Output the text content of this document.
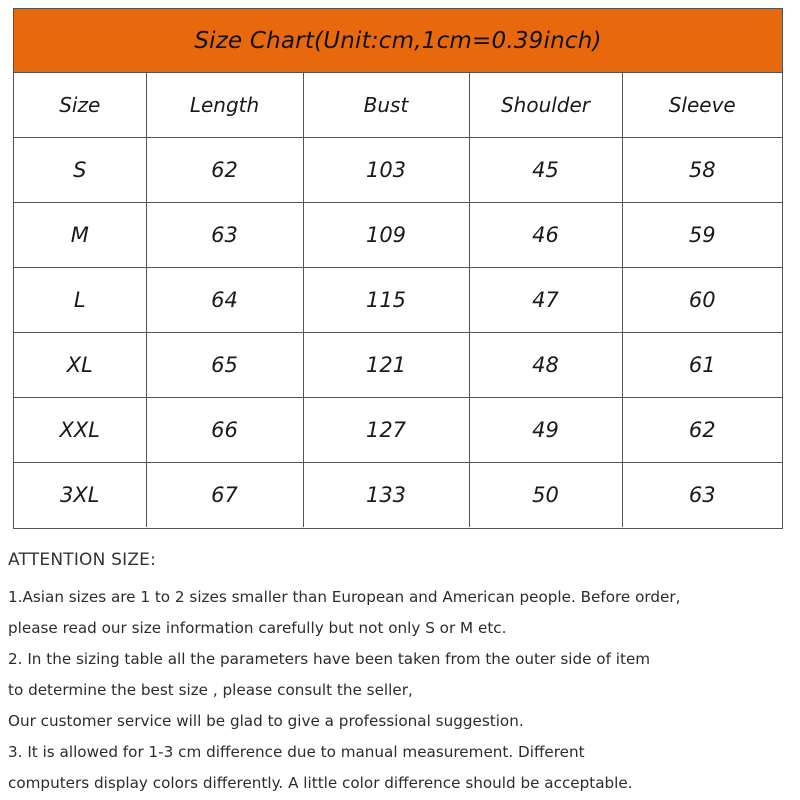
Size Chart(Unit:cm,1cm=0.39inch)
Size	Length	Bust	Shoulder	Sleeve
S	62	103	45	58
M	63	109	46	59
L	64	115	47	60
XL	65	121	48	61
XXL	66	127	49	62
3XL	67	133	50	63
ATTENTION SIZE:
1.Asian sizes are 1 to 2 sizes smaller than European and American people. Before order,
please read our size information carefully but not only S or M etc.
2. In the sizing table all the parameters have been taken from the outer side of item
to determine the best size , please consult the seller,
Our customer service will be glad to give a professional suggestion.
3. It is allowed for 1-3 cm difference due to manual measurement. Different
computers display colors differently. A little color difference should be acceptable.
